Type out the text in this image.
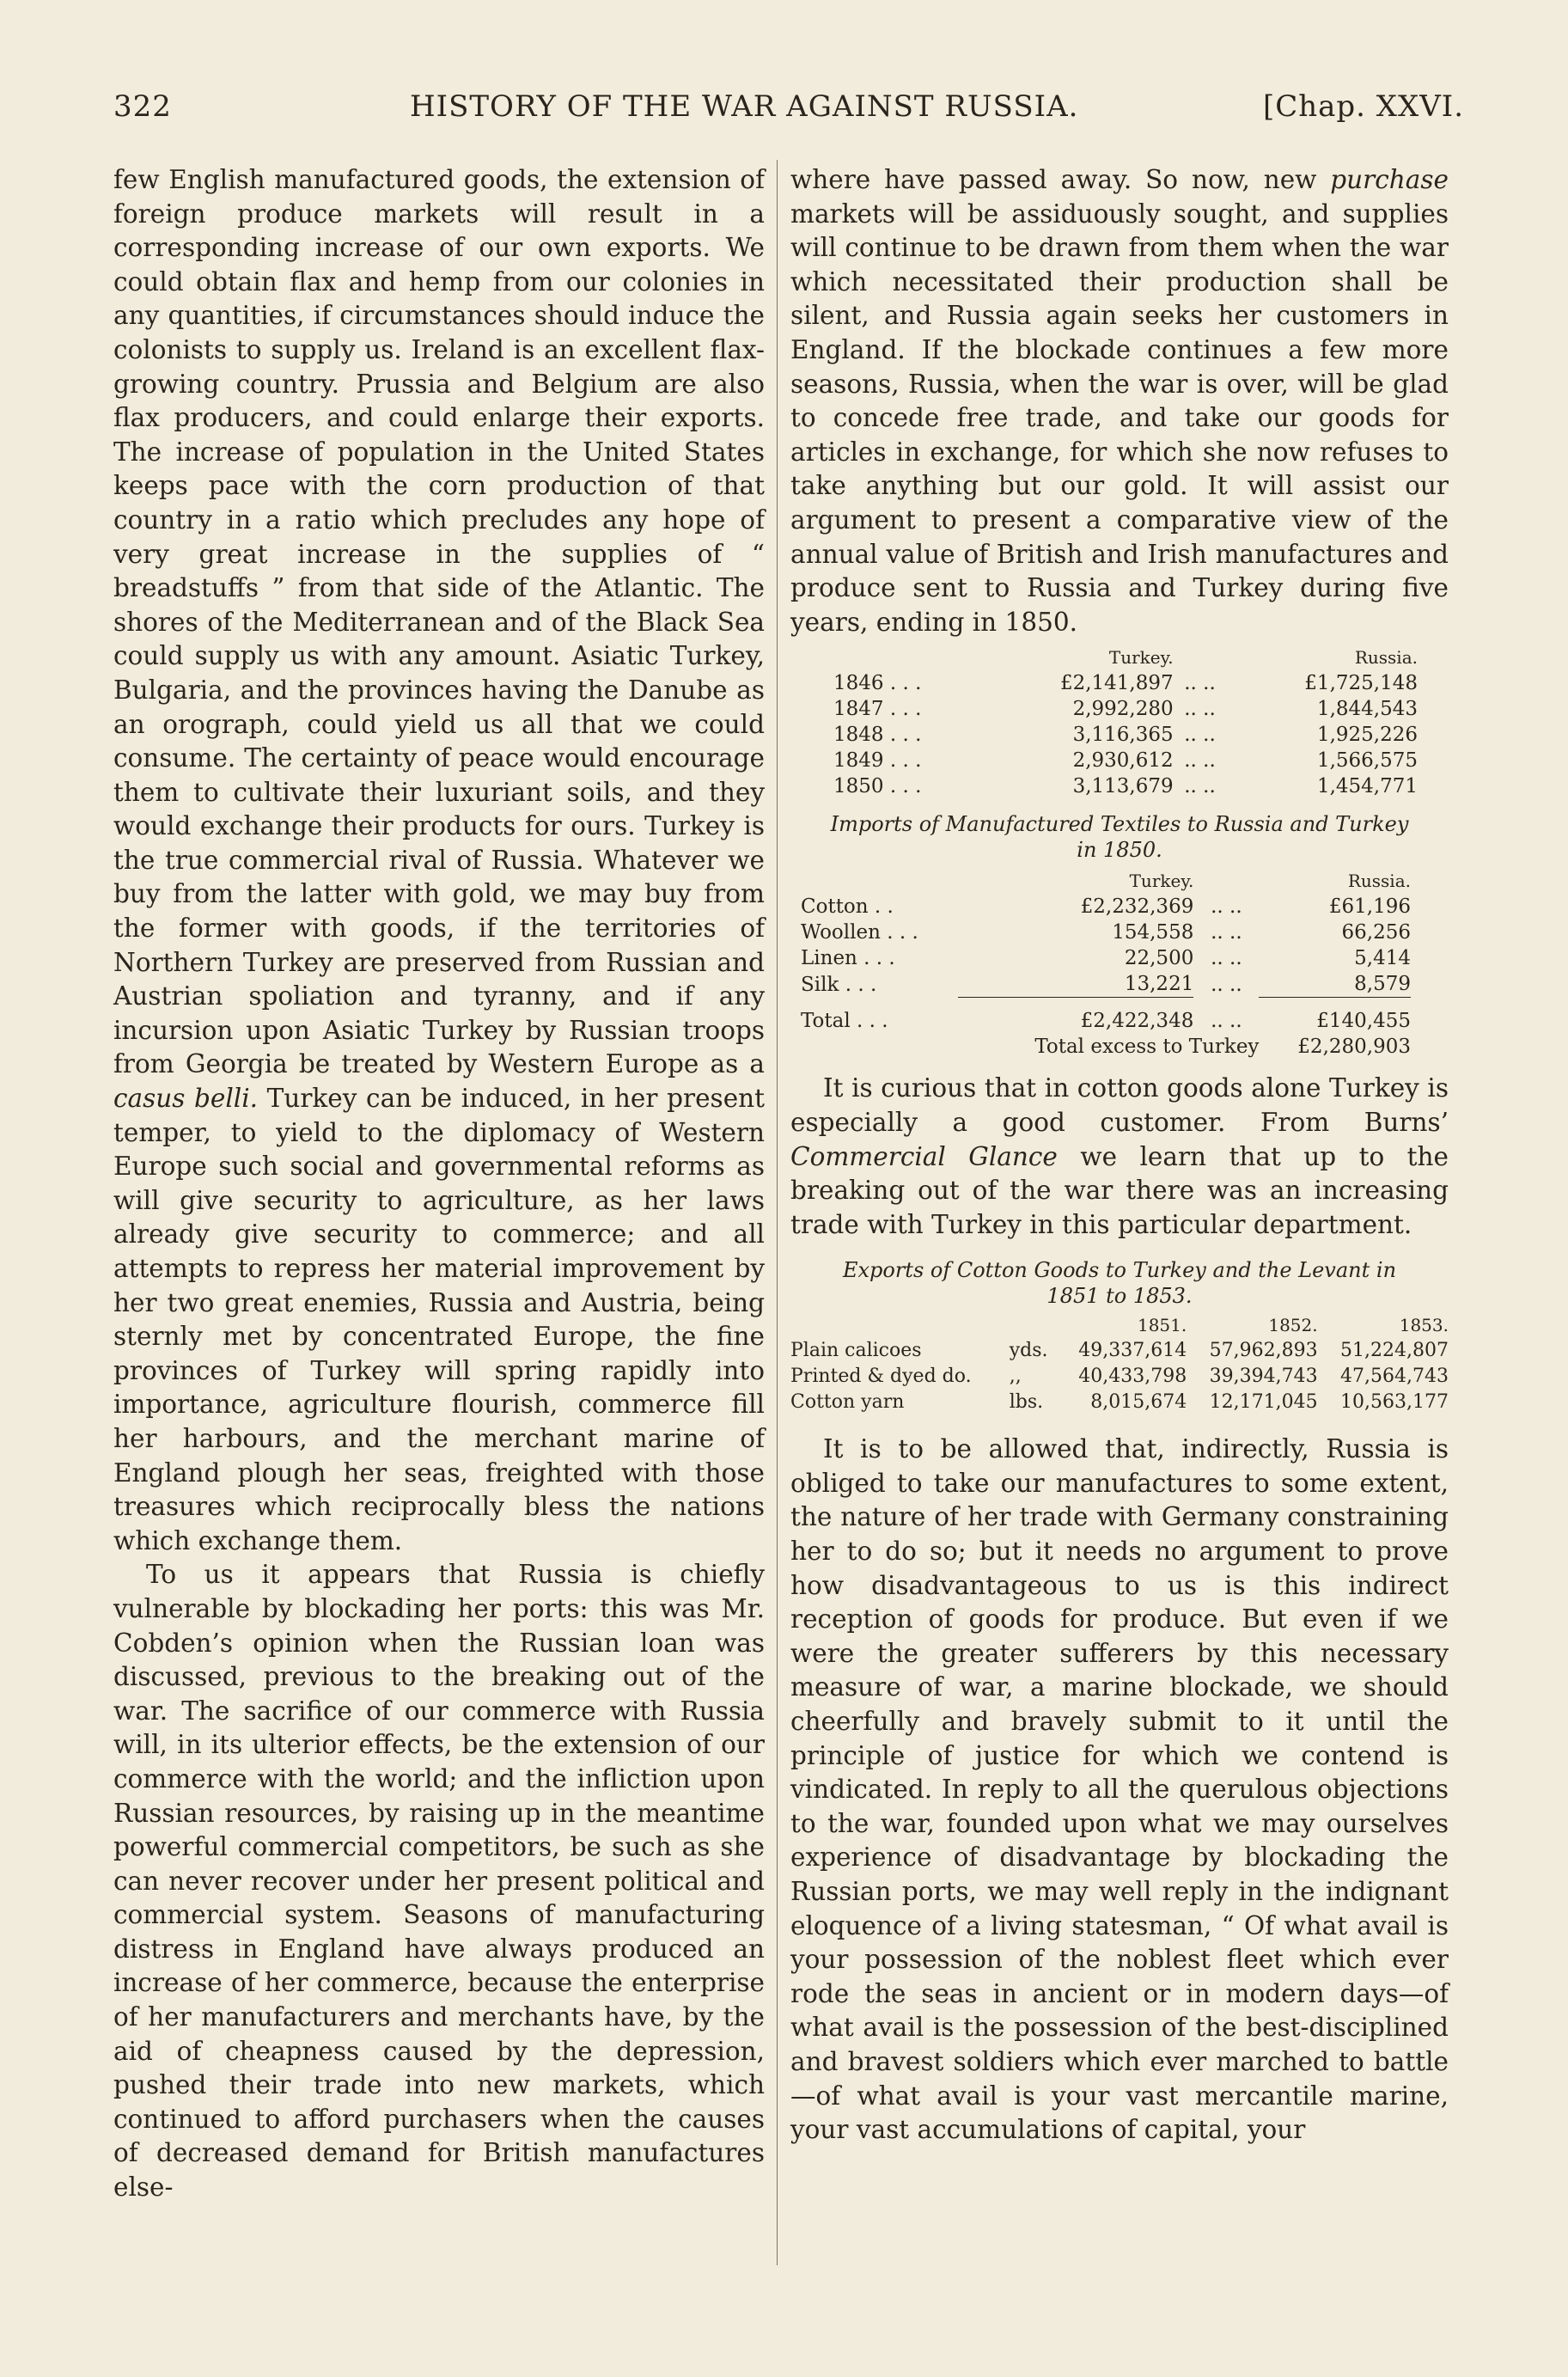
322	HISTORY OF THE WAR AGAINST RUSSIA.	[Chap. XXVI.

few English manufactured goods, the extension of foreign produce markets will result in a corresponding increase of our own exports. We could obtain flax and hemp from our colonies in any quantities, if circumstances should induce the colonists to supply us. Ireland is an excellent flax-growing country. Prussia and Belgium are also flax producers, and could enlarge their exports. The increase of population in the United States keeps pace with the corn production of that country in a ratio which precludes any hope of very great increase in the supplies of “ breadstuffs ” from that side of the Atlantic. The shores of the Mediterranean and of the Black Sea could supply us with any amount. Asiatic Turkey, Bulgaria, and the provinces having the Danube as an orograph, could yield us all that we could consume. The certainty of peace would encourage them to cultivate their luxuriant soils, and they would exchange their products for ours. Turkey is the true commercial rival of Russia. Whatever we buy from the latter with gold, we may buy from the former with goods, if the territories of Northern Turkey are preserved from Russian and Austrian spoliation and tyranny, and if any incursion upon Asiatic Turkey by Russian troops from Georgia be treated by Western Europe as a casus belli. Turkey can be induced, in her present temper, to yield to the diplomacy of Western Europe such social and governmental reforms as will give security to agriculture, as her laws already give security to commerce; and all attempts to repress her material improvement by her two great enemies, Russia and Austria, being sternly met by concentrated Europe, the fine provinces of Turkey will spring rapidly into importance, agriculture flourish, commerce fill her harbours, and the merchant marine of England plough her seas, freighted with those treasures which reciprocally bless the nations which exchange them.

To us it appears that Russia is chiefly vulnerable by blockading her ports: this was Mr. Cobden’s opinion when the Russian loan was discussed, previous to the breaking out of the war. The sacrifice of our commerce with Russia will, in its ulterior effects, be the extension of our commerce with the world; and the infliction upon Russian resources, by raising up in the meantime powerful commercial competitors, be such as she can never recover under her present political and commercial system. Seasons of manufacturing distress in England have always produced an increase of her commerce, because the enterprise of her manufacturers and merchants have, by the aid of cheapness caused by the depression, pushed their trade into new markets, which continued to afford purchasers when the causes of decreased demand for British manufactures else-

where have passed away. So now, new purchase markets will be assiduously sought, and supplies will continue to be drawn from them when the war which necessitated their production shall be silent, and Russia again seeks her customers in England. If the blockade continues a few more seasons, Russia, when the war is over, will be glad to concede free trade, and take our goods for articles in exchange, for which she now refuses to take anything but our gold. It will assist our argument to present a comparative view of the annual value of British and Irish manufactures and produce sent to Russia and Turkey during five years, ending in 1850.

	Turkey.		Russia.
1846 . . .	£2,141,897	.. ..	£1,725,148
1847 . . .	2,992,280	.. ..	1,844,543
1848 . . .	3,116,365	.. ..	1,925,226
1849 . . .	2,930,612	.. ..	1,566,575
1850 . . .	3,113,679	.. ..	1,454,771
Imports of Manufactured Textiles to Russia and Turkey
in 1850.
	Turkey.		Russia.
Cotton . .	£2,232,369	.. ..	£61,196
Woollen . . .	154,558	.. ..	66,256
Linen . . .	22,500	.. ..	5,414
Silk . . .	13,221	.. ..	8,579

Total . . .	£2,422,348	.. ..	£140,455
	Total excess to Turkey		£2,280,903

It is curious that in cotton goods alone Turkey is especially a good customer. From Burns’ Commercial Glance we learn that up to the breaking out of the war there was an increasing trade with Turkey in this particular department.

Exports of Cotton Goods to Turkey and the Levant in
1851 to 1853.
		1851.	1852.	1853.
Plain calicoes	yds.	49,337,614	57,962,893	51,224,807
Printed & dyed do.	,,	40,433,798	39,394,743	47,564,743
Cotton yarn	lbs.	8,015,674	12,171,045	10,563,177

It is to be allowed that, indirectly, Russia is obliged to take our manufactures to some extent, the nature of her trade with Germany constraining her to do so; but it needs no argument to prove how disadvantageous to us is this indirect reception of goods for produce. But even if we were the greater sufferers by this necessary measure of war, a marine blockade, we should cheerfully and bravely submit to it until the principle of justice for which we contend is vindicated. In reply to all the querulous objections to the war, founded upon what we may ourselves experience of disadvantage by blockading the Russian ports, we may well reply in the indignant eloquence of a living statesman, “ Of what avail is your possession of the noblest fleet which ever rode the seas in ancient or in modern days—of what avail is the possession of the best-disciplined and bravest soldiers which ever marched to battle—of what avail is your vast mercantile marine, your vast accumulations of capital, your
